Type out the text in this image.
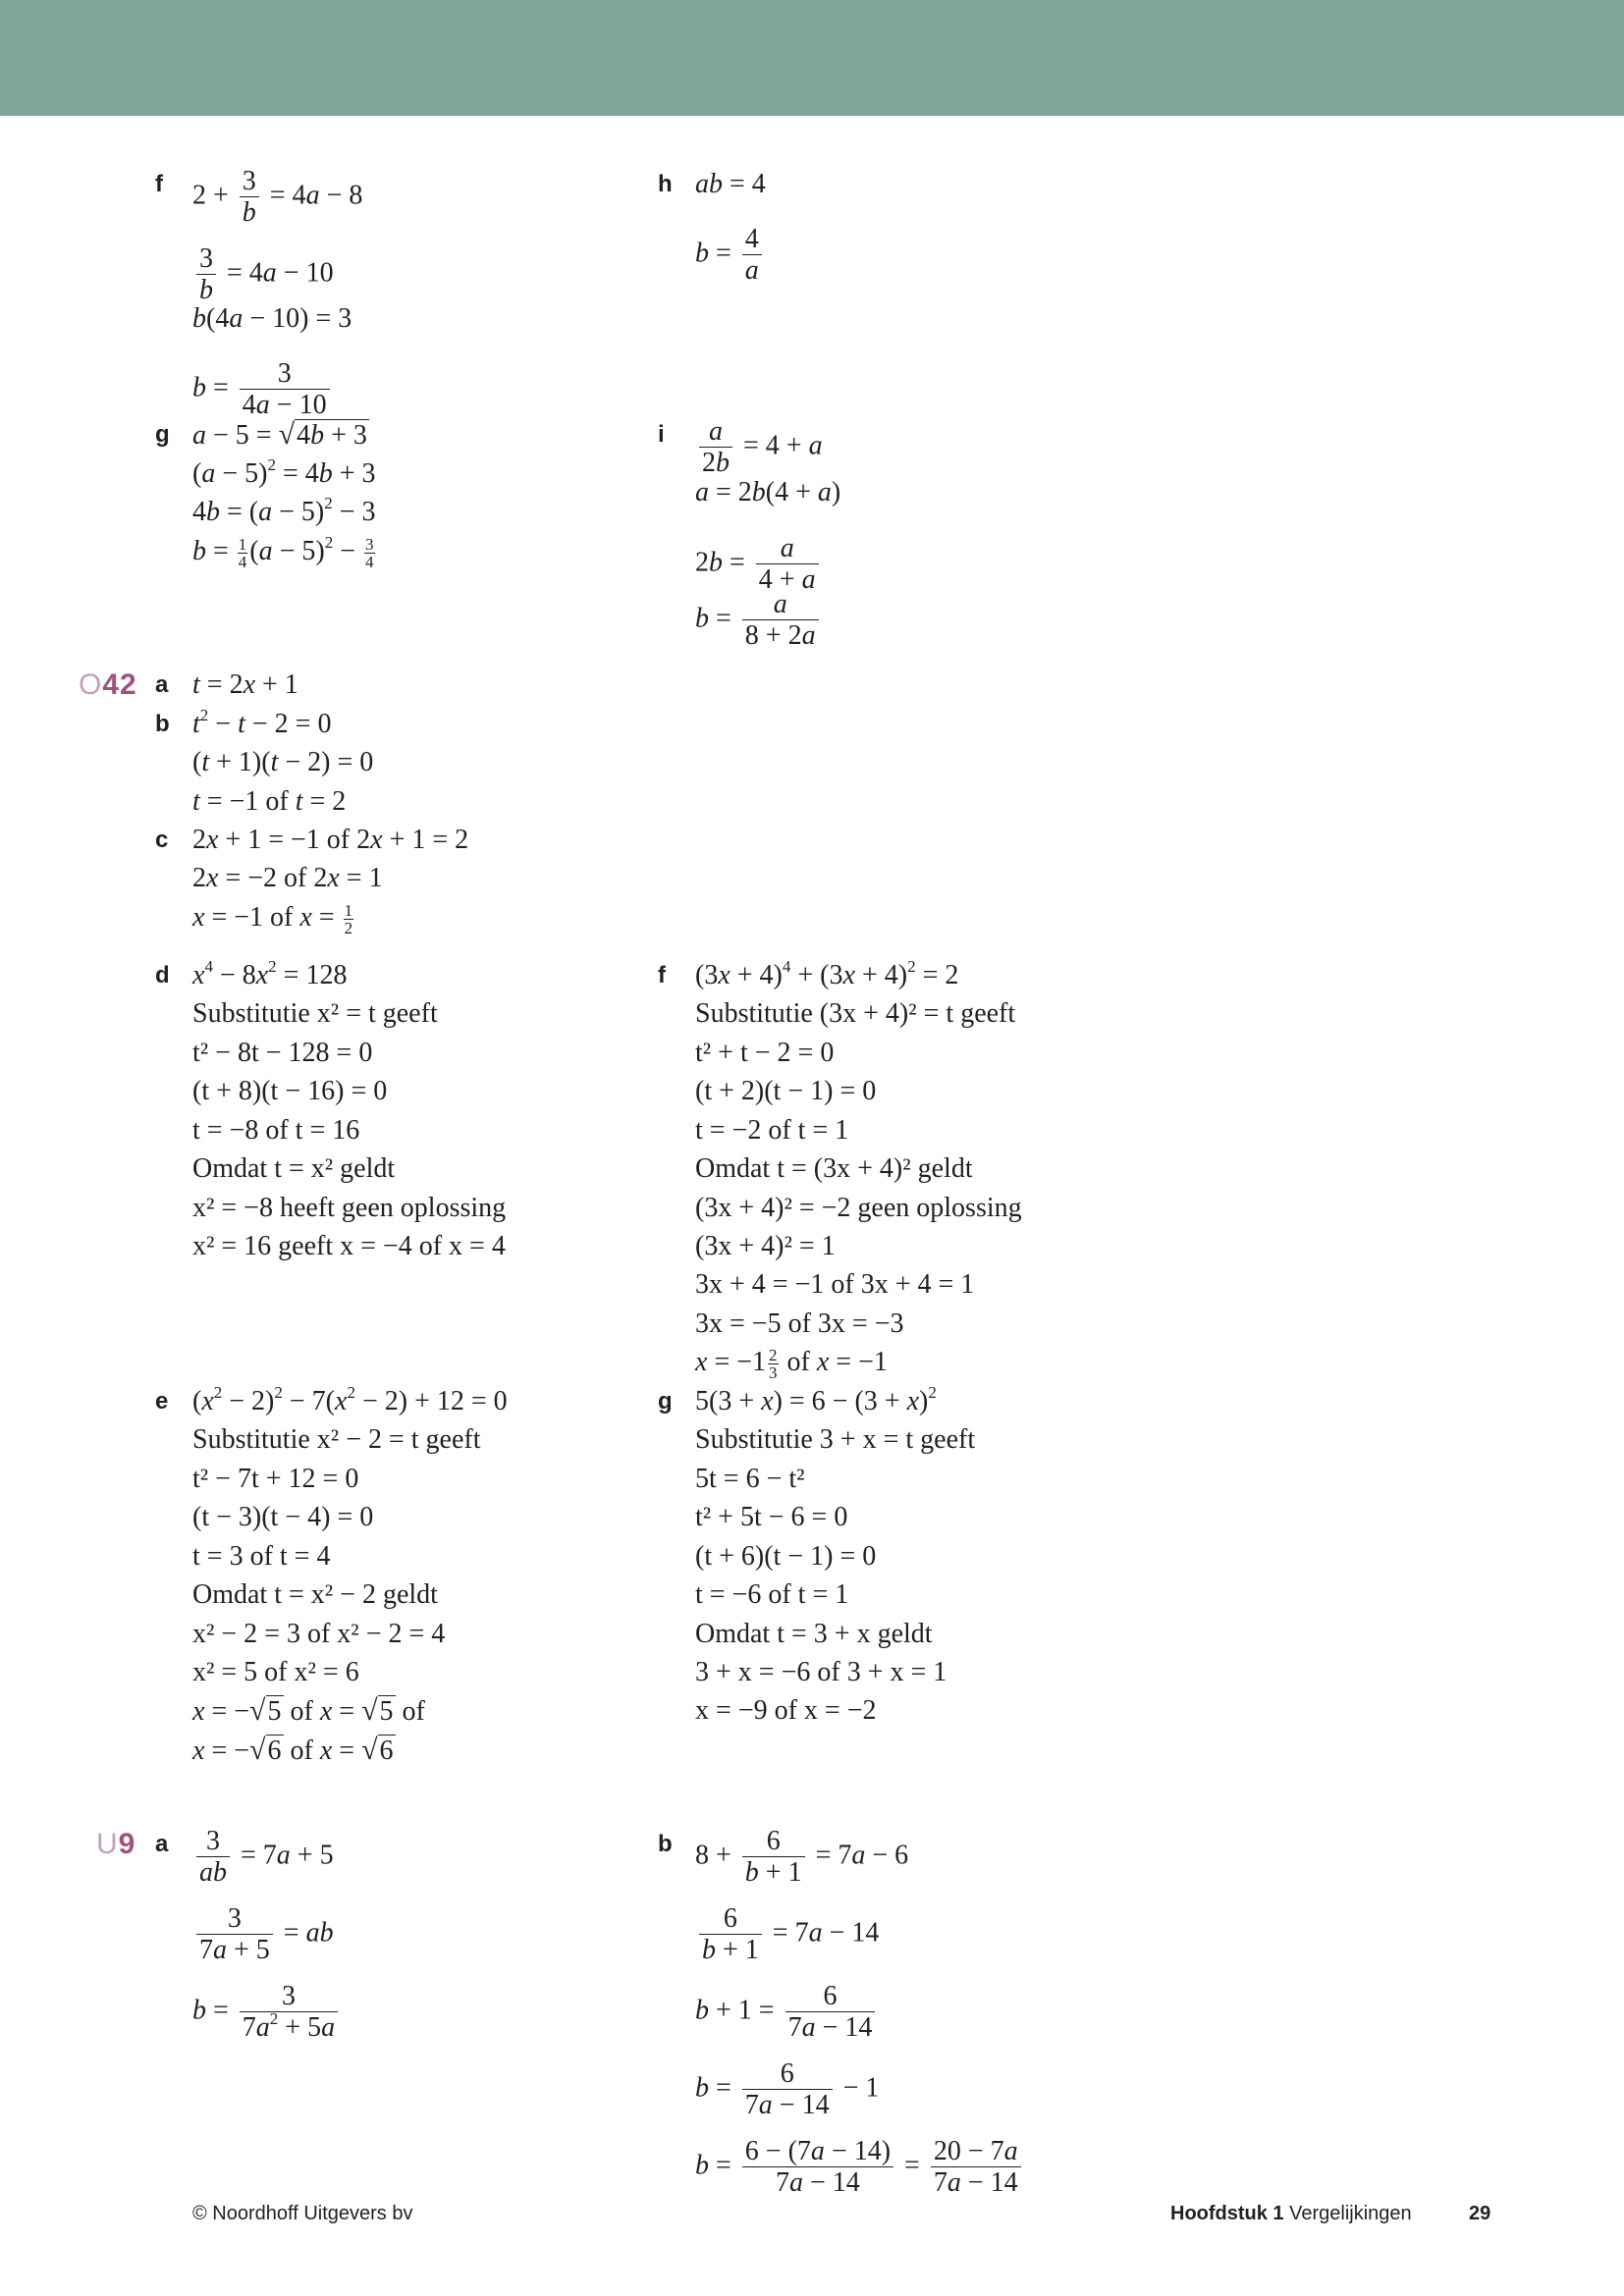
f $2 + \frac{3}{b} = 4a - 8$
$\frac{3}{b} = 4a - 10$
b(4a − 10) = 3
$b = \frac{3}{4a - 10}$
g a − 5 = √4b + 3
$(a - 5)^2 = 4b + 3$
$4b = (a - 5)^2 - 3$
$b = \frac{1}{4} (a - 5)^2 - \frac{3}{4}$
h ab = 4
$b = \frac{4}{a}$
i $\frac{a}{2b} = 4 + a$
a = 2b(4 + a)
$2b = \frac{a}{4 + a}$
$b = \frac{a}{8 + 2a}$
O42 a t = 2x + 1
b $t^2 - t - 2 = 0$
(t + 1)(t − 2) = 0
t = −1 of t = 2
c 2x + 1 = −1 of 2x + 1 = 2
2x = −2 of 2x = 1
x = −1 of $x = \frac{1}{2}$
d $x^4 - 8x^2 = 128$
Substitutie x² = t geeft
t² − 8t − 128 = 0
(t + 8)(t − 16) = 0
t = −8 of t = 16
Omdat t = x² geldt
x² = −8 heeft geen oplossing
x² = 16 geeft x = −4 of x = 4
f $(3x + 4)^4 + (3x + 4)^2 = 2$
Substitutie (3x + 4)² = t geeft
t² + t − 2 = 0
(t + 2)(t − 1) = 0
t = −2 of t = 1
Omdat t = (3x + 4)² geldt
(3x + 4)² = −2 geen oplossing
(3x + 4)² = 1
3x + 4 = −1 of 3x + 4 = 1
3x = −5 of 3x = −3
$x = -1 \frac{2}{3}$ of x = −1
e $(x^2 - 2)^2 - 7(x^2 - 2) + 12 = 0$
Substitutie x² − 2 = t geeft
t² − 7t + 12 = 0
(t − 3)(t − 4) = 0
t = 3 of t = 4
Omdat t = x² − 2 geldt
x² − 2 = 3 of x² − 2 = 4
x² = 5 of x² = 6
x = −√5 of x = √5 of
x = −√6 of x = √6
g $5(3 + x) = 6 - (3 + x)^2$
Substitutie 3 + x = t geeft
5t = 6 − t²
t² + 5t − 6 = 0
(t + 6)(t − 1) = 0
t = −6 of t = 1
Omdat t = 3 + x geldt
3 + x = −6 of 3 + x = 1
x = −9 of x = −2
U9 a $\frac{3}{ab} = 7a + 5$
$\frac{3}{7a + 5}$ = ab
$b = \frac{3}{7a^2 + 5a}$
b $8 + \frac{6}{b + 1} = 7a - 6$
$\frac{6}{b + 1} = 7a - 14$
$b + 1 = \frac{6}{7a - 14}$
$b = \frac{6}{7a - 14} - 1$
$b = \frac{6 - (7a - 14)}{7a - 14} = \frac{20 - 7a}{7a - 14}$
© Noordhoff Uitgevers bv	Hoofdstuk 1 Vergelijkingen	29
